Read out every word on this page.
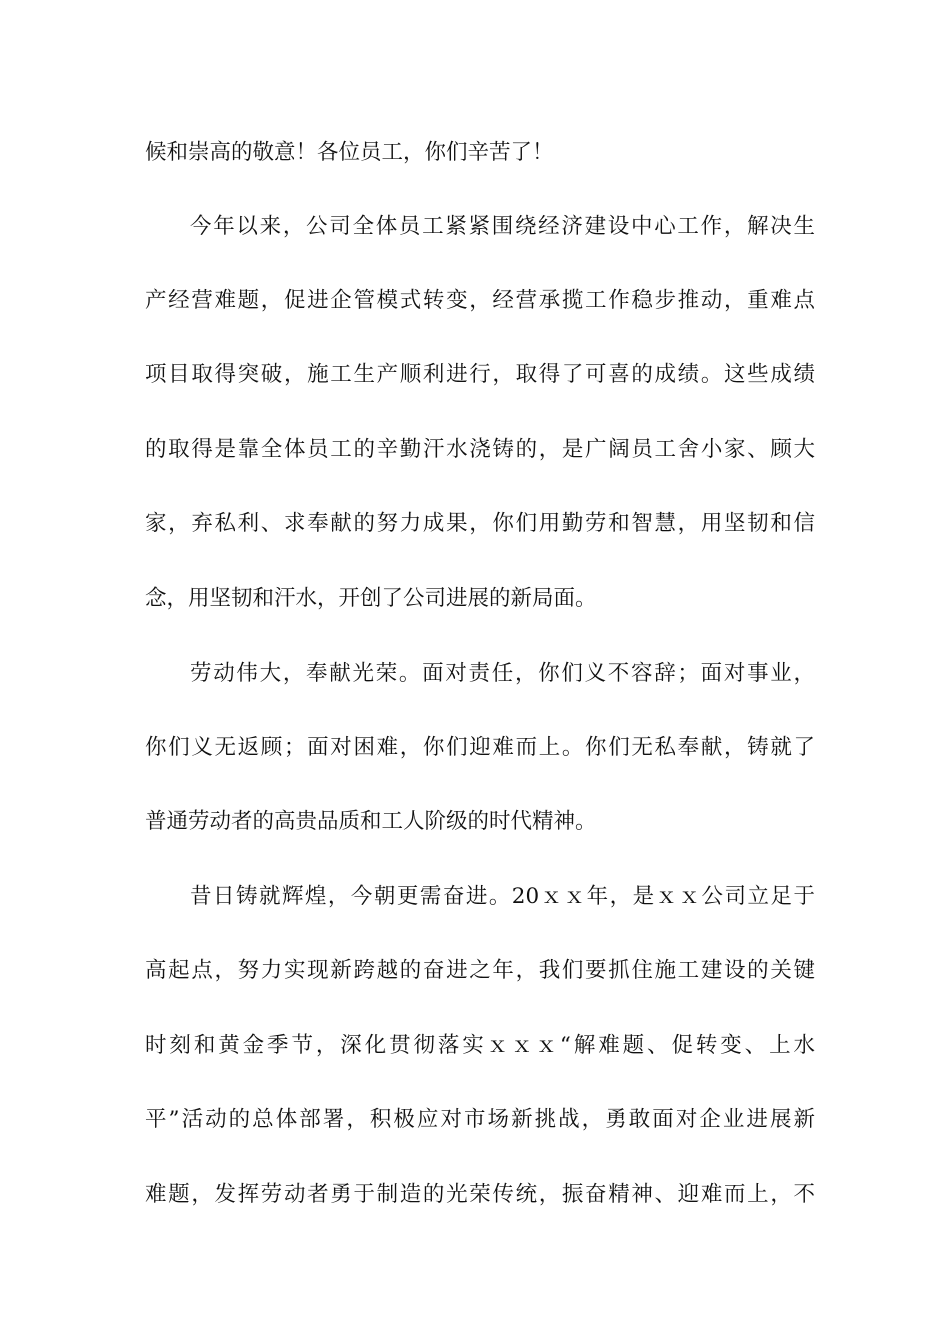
候和崇高的敬意！各位员工，你们辛苦了！

今年以来，公司全体员工紧紧围绕经济建设中心工作，解决生

产经营难题，促进企管模式转变，经营承揽工作稳步推动，重难点

项目取得突破，施工生产顺利进行，取得了可喜的成绩。这些成绩

的取得是靠全体员工的辛勤汗水浇铸的，是广阔员工舍小家、顾大

家，弃私利、求奉献的努力成果，你们用勤劳和智慧，用坚韧和信

念，用坚韧和汗水，开创了公司进展的新局面。

劳动伟大，奉献光荣。面对责任，你们义不容辞；面对事业，

你们义无返顾；面对困难，你们迎难而上。你们无私奉献，铸就了

普通劳动者的高贵品质和工人阶级的时代精神。

昔日铸就辉煌，今朝更需奋进。20ｘｘ年，是ｘｘ公司立足于

高起点，努力实现新跨越的奋进之年，我们要抓住施工建设的关键

时刻和黄金季节，深化贯彻落实ｘｘｘ“解难题、促转变、上水

平”活动的总体部署，积极应对市场新挑战，勇敢面对企业进展新

难题，发挥劳动者勇于制造的光荣传统，振奋精神、迎难而上，不
